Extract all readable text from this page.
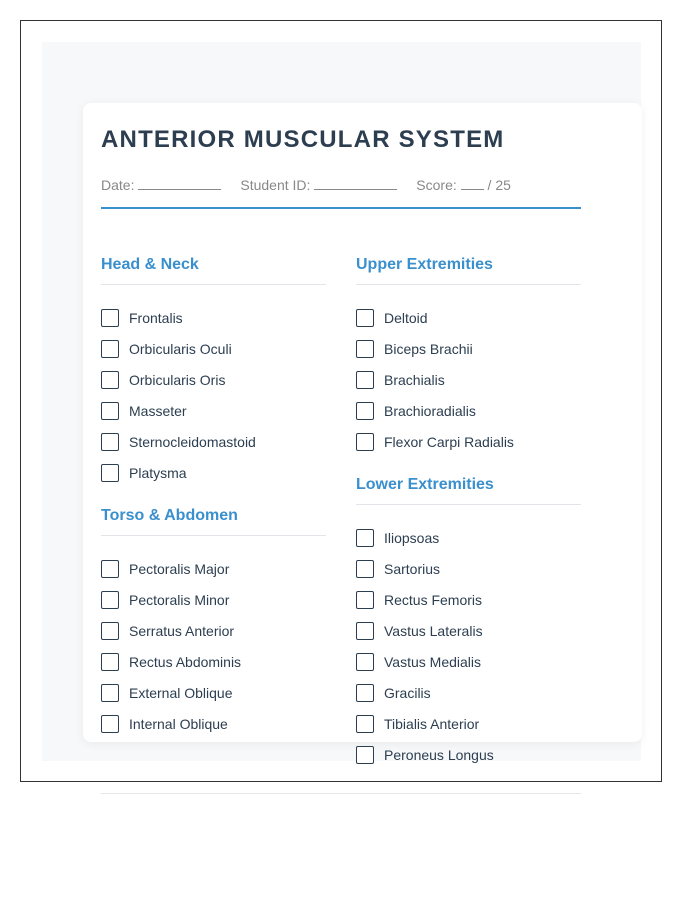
ANTERIOR MUSCULAR SYSTEM
Date:	Student ID:	Score: / 25
Head & Neck
Frontalis
Orbicularis Oculi
Orbicularis Oris
Masseter
Sternocleidomastoid
Platysma
Torso & Abdomen
Pectoralis Major
Pectoralis Minor
Serratus Anterior
Rectus Abdominis
External Oblique
Internal Oblique
Upper Extremities
Deltoid
Biceps Brachii
Brachialis
Brachioradialis
Flexor Carpi Radialis
Lower Extremities
Iliopsoas
Sartorius
Rectus Femoris
Vastus Lateralis
Vastus Medialis
Gracilis
Tibialis Anterior
Peroneus Longus
